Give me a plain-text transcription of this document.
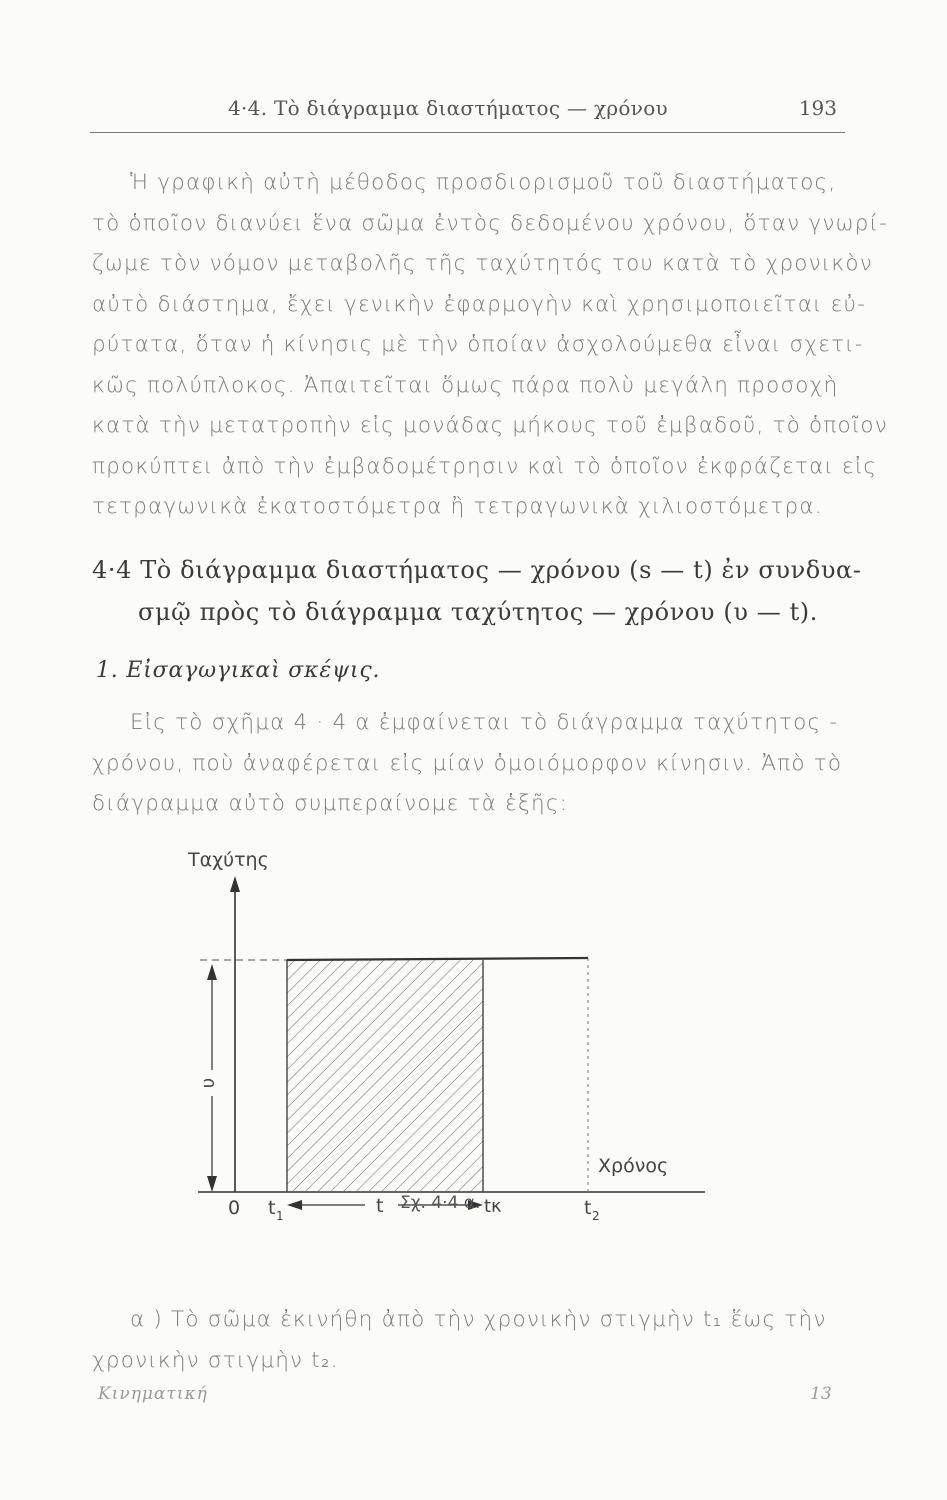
4·4. Τὸ διάγραμμα διαστήματος — χρόνου	193
Ἡ γραφικὴ αὐτὴ μέθοδος προσδιορισμοῦ τοῦ διαστήματος,
τὸ ὁποῖον διανύει ἕνα σῶμα ἐντὸς δεδομένου χρόνου, ὅταν γνωρί-
ζωμε τὸν νόμον μεταβολῆς τῆς ταχύτητός του κατὰ τὸ χρονικὸν
αὐτὸ διάστημα, ἔχει γενικὴν ἐφαρμογὴν καὶ χρησιμοποιεῖται εὐ-
ρύτατα, ὅταν ἡ κίνησις μὲ τὴν ὁποίαν ἀσχολούμεθα εἶναι σχετι-
κῶς πολύπλοκος. Ἀπαιτεῖται ὅμως πάρα πολὺ μεγάλη προσοχὴ
κατὰ τὴν μετατροπὴν εἰς μονάδας μήκους τοῦ ἐμβαδοῦ, τὸ ὁποῖον
προκύπτει ἀπὸ τὴν ἐμβαδομέτρησιν καὶ τὸ ὁποῖον ἐκφράζεται εἰς
τετραγωνικὰ ἑκατοστόμετρα ἢ τετραγωνικὰ χιλιοστόμετρα.
4·4 Τὸ διάγραμμα διαστήματος — χρόνου (s — t) ἐν συνδυα-
σμῷ πρὸς τὸ διάγραμμα ταχύτητος — χρόνου (υ — t).
1. Εἰσαγωγικαὶ σκέψις.
Εἰς τὸ σχῆμα 4 · 4 α ἐμφαίνεται τὸ διάγραμμα ταχύτητος -
χρόνου, ποὺ ἀναφέρεται εἰς μίαν ὁμοιόμορφον κίνησιν. Ἀπὸ τὸ
διάγραμμα αὐτὸ συμπεραίνομε τὰ ἑξῆς:
Ταχύτης
Χρόνος
υ
0 t 1	t	tκ	t 2
Σχ. 4·4 α.
α ) Τὸ σῶμα ἐκινήθη ἀπὸ τὴν χρονικὴν στιγμὴν t₁ ἕως τὴν
χρονικὴν στιγμὴν t₂.
Κινηματική	13
